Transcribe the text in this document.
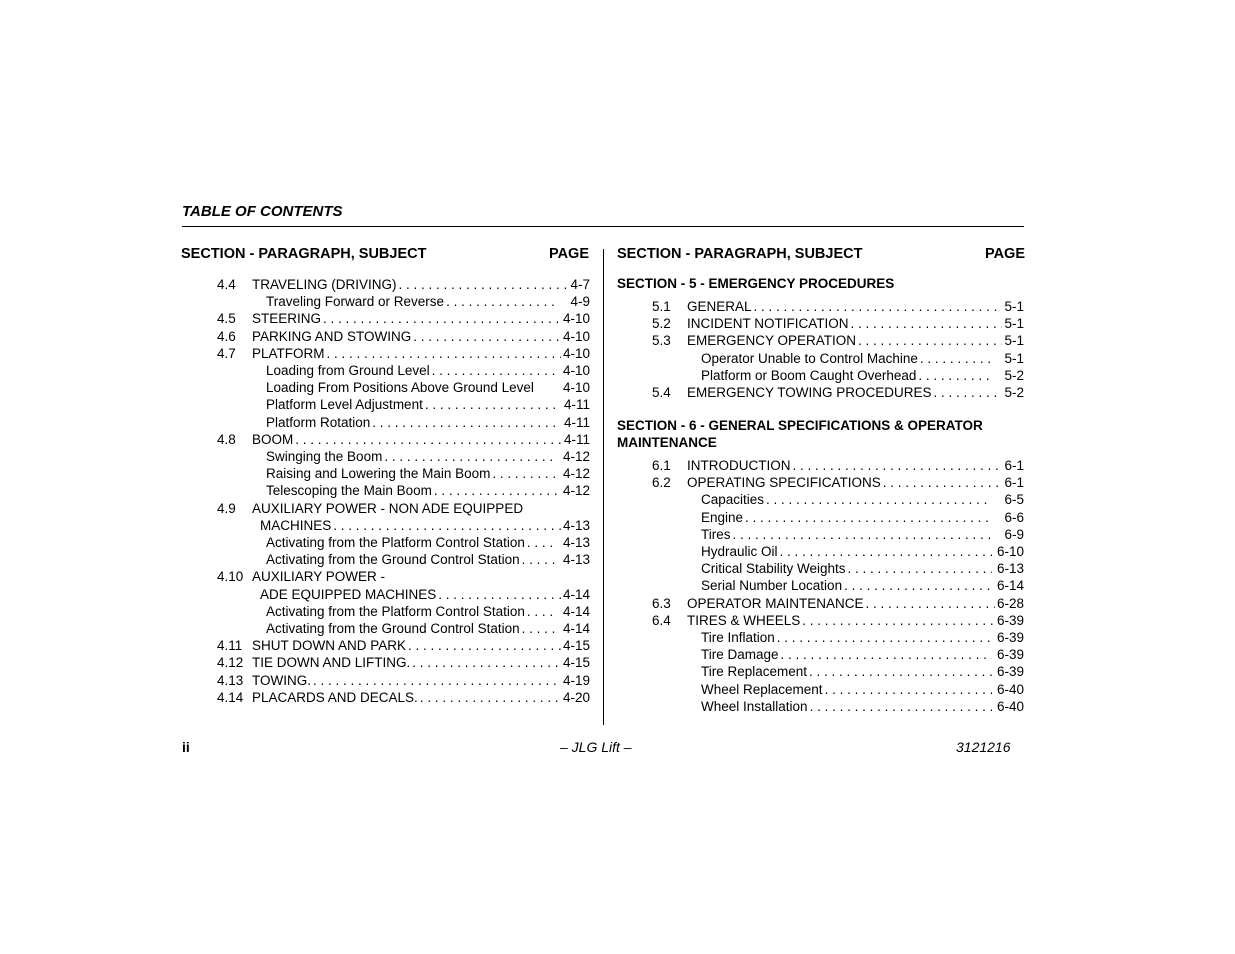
TABLE OF CONTENTS
SECTION - PARAGRAPH, SUBJECT	PAGE SECTION - PARAGRAPH, SUBJECT	PAGE
SECTION - 5 - EMERGENCY PROCEDURES
SECTION - 6 - GENERAL SPECIFICATIONS & OPERATOR MAINTENANCE
4.4 TRAVELING (DRIVING) . . .	4-7
Traveling Forward or Reverse . . .	4-9
4.5 STEERING . . .	4-10
4.6 PARKING AND STOWING . . .	4-10
4.7 PLATFORM . . .	4-10
Loading from Ground Level . . .	4-10
Loading From Positions Above Ground Level 4-10
Platform Level Adjustment . . .	4-11
Platform Rotation . . .	4-11
4.8 BOOM . . .	4-11
Swinging the Boom . . .	4-12
Raising and Lowering the Main Boom . . .	4-12
Telescoping the Main Boom . . .	4-12
4.9 AUXILIARY POWER - NON ADE EQUIPPED
MACHINES . . .	4-13
Activating from the Platform Control Station . . .	4-13
Activating from the Ground Control Station . . .	4-13
4.10 AUXILIARY POWER -
ADE EQUIPPED MACHINES . . .	4-14
Activating from the Platform Control Station . . .	4-14
Activating from the Ground Control Station . . .	4-14
4.11 SHUT DOWN AND PARK . . .	4-15
4.12 TIE DOWN AND LIFTING. . . .	4-15
4.13 TOWING. . . .	4-19
4.14 PLACARDS AND DECALS. . . .	4-20
5.1 GENERAL . . .	5-1
5.2 INCIDENT NOTIFICATION . . .	5-1
5.3 EMERGENCY OPERATION . . .	5-1
Operator Unable to Control Machine . . .	5-1
Platform or Boom Caught Overhead . . .	5-2
5.4 EMERGENCY TOWING PROCEDURES . . .	5-2
6.1 INTRODUCTION . . .	6-1
6.2 OPERATING SPECIFICATIONS . . .	6-1
Capacities . . .	6-5
Engine . . .	6-6
Tires . . .	6-9
Hydraulic Oil . . .	6-10
Critical Stability Weights . . .	6-13
Serial Number Location . . .	6-14
6.3 OPERATOR MAINTENANCE . . .	6-28
6.4 TIRES & WHEELS . . .	6-39
Tire Inflation . . .	6-39
Tire Damage . . .	6-39
Tire Replacement . . .	6-39
Wheel Replacement . . .	6-40
Wheel Installation . . .	6-40
ii	– JLG Lift –	3121216
